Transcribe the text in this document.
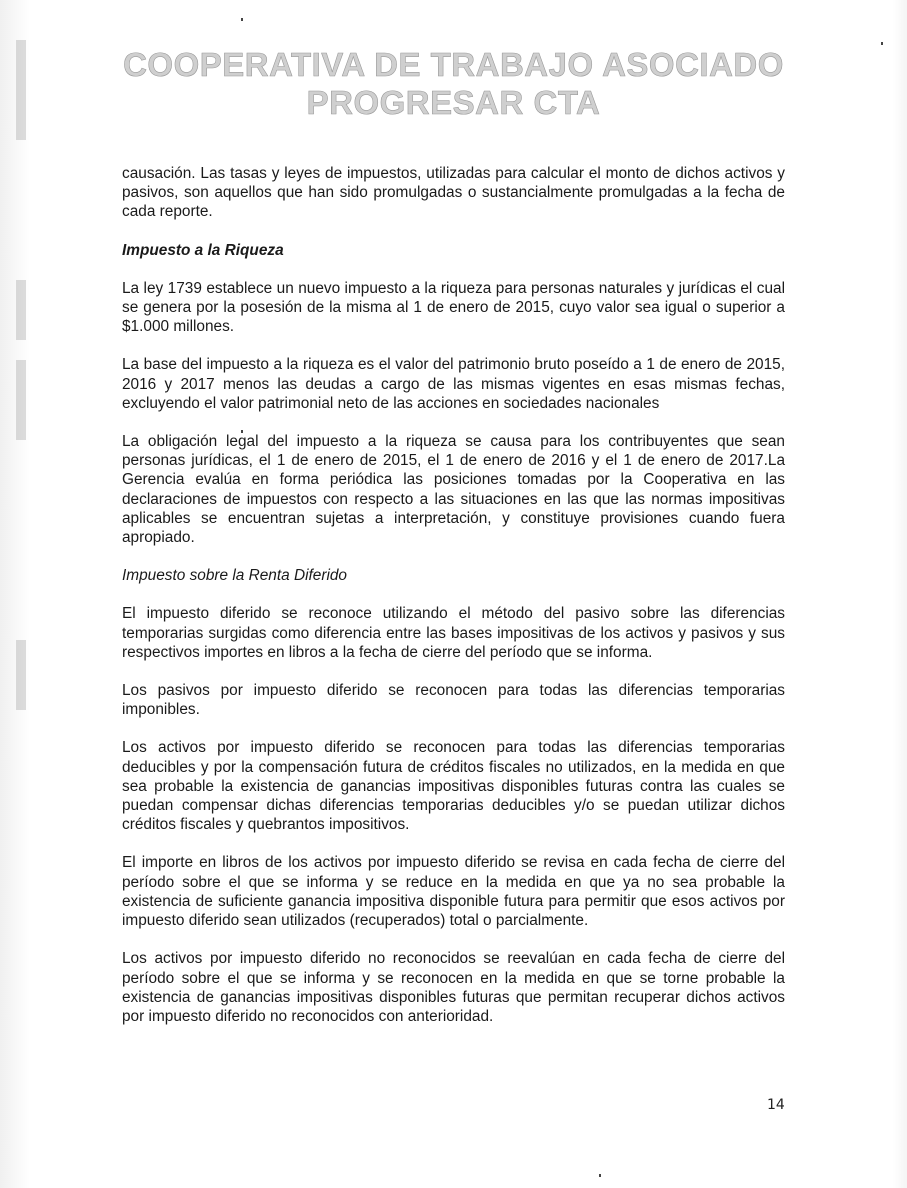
COOPERATIVA DE TRABAJO ASOCIADO
PROGRESAR CTA

causación. Las tasas y leyes de impuestos, utilizadas para calcular el monto de dichos activos y pasivos, son aquellos que han sido promulgadas o sustancialmente promulgadas a la fecha de cada reporte.

Impuesto a la Riqueza

La ley 1739 establece un nuevo impuesto a la riqueza para personas naturales y jurídicas el cual se genera por la posesión de la misma al 1 de enero de 2015, cuyo valor sea igual o superior a $1.000 millones.

La base del impuesto a la riqueza es el valor del patrimonio bruto poseído a 1 de enero de 2015, 2016 y 2017 menos las deudas a cargo de las mismas vigentes en esas mismas fechas, excluyendo el valor patrimonial neto de las acciones en sociedades nacionales

La obligación legal del impuesto a la riqueza se causa para los contribuyentes que sean personas jurídicas, el 1 de enero de 2015, el 1 de enero de 2016 y el 1 de enero de 2017.La Gerencia evalúa en forma periódica las posiciones tomadas por la Cooperativa en las declaraciones de impuestos con respecto a las situaciones en las que las normas impositivas aplicables se encuentran sujetas a interpretación, y constituye provisiones cuando fuera apropiado.

Impuesto sobre la Renta Diferido

El impuesto diferido se reconoce utilizando el método del pasivo sobre las diferencias temporarias surgidas como diferencia entre las bases impositivas de los activos y pasivos y sus respectivos importes en libros a la fecha de cierre del período que se informa.

Los pasivos por impuesto diferido se reconocen para todas las diferencias temporarias imponibles.

Los activos por impuesto diferido se reconocen para todas las diferencias temporarias deducibles y por la compensación futura de créditos fiscales no utilizados, en la medida en que sea probable la existencia de ganancias impositivas disponibles futuras contra las cuales se puedan compensar dichas diferencias temporarias deducibles y/o se puedan utilizar dichos créditos fiscales y quebrantos impositivos.

El importe en libros de los activos por impuesto diferido se revisa en cada fecha de cierre del período sobre el que se informa y se reduce en la medida en que ya no sea probable la existencia de suficiente ganancia impositiva disponible futura para permitir que esos activos por impuesto diferido sean utilizados (recuperados) total o parcialmente.

Los activos por impuesto diferido no reconocidos se reevalúan en cada fecha de cierre del período sobre el que se informa y se reconocen en la medida en que se torne probable la existencia de ganancias impositivas disponibles futuras que permitan recuperar dichos activos por impuesto diferido no reconocidos con anterioridad.

14
